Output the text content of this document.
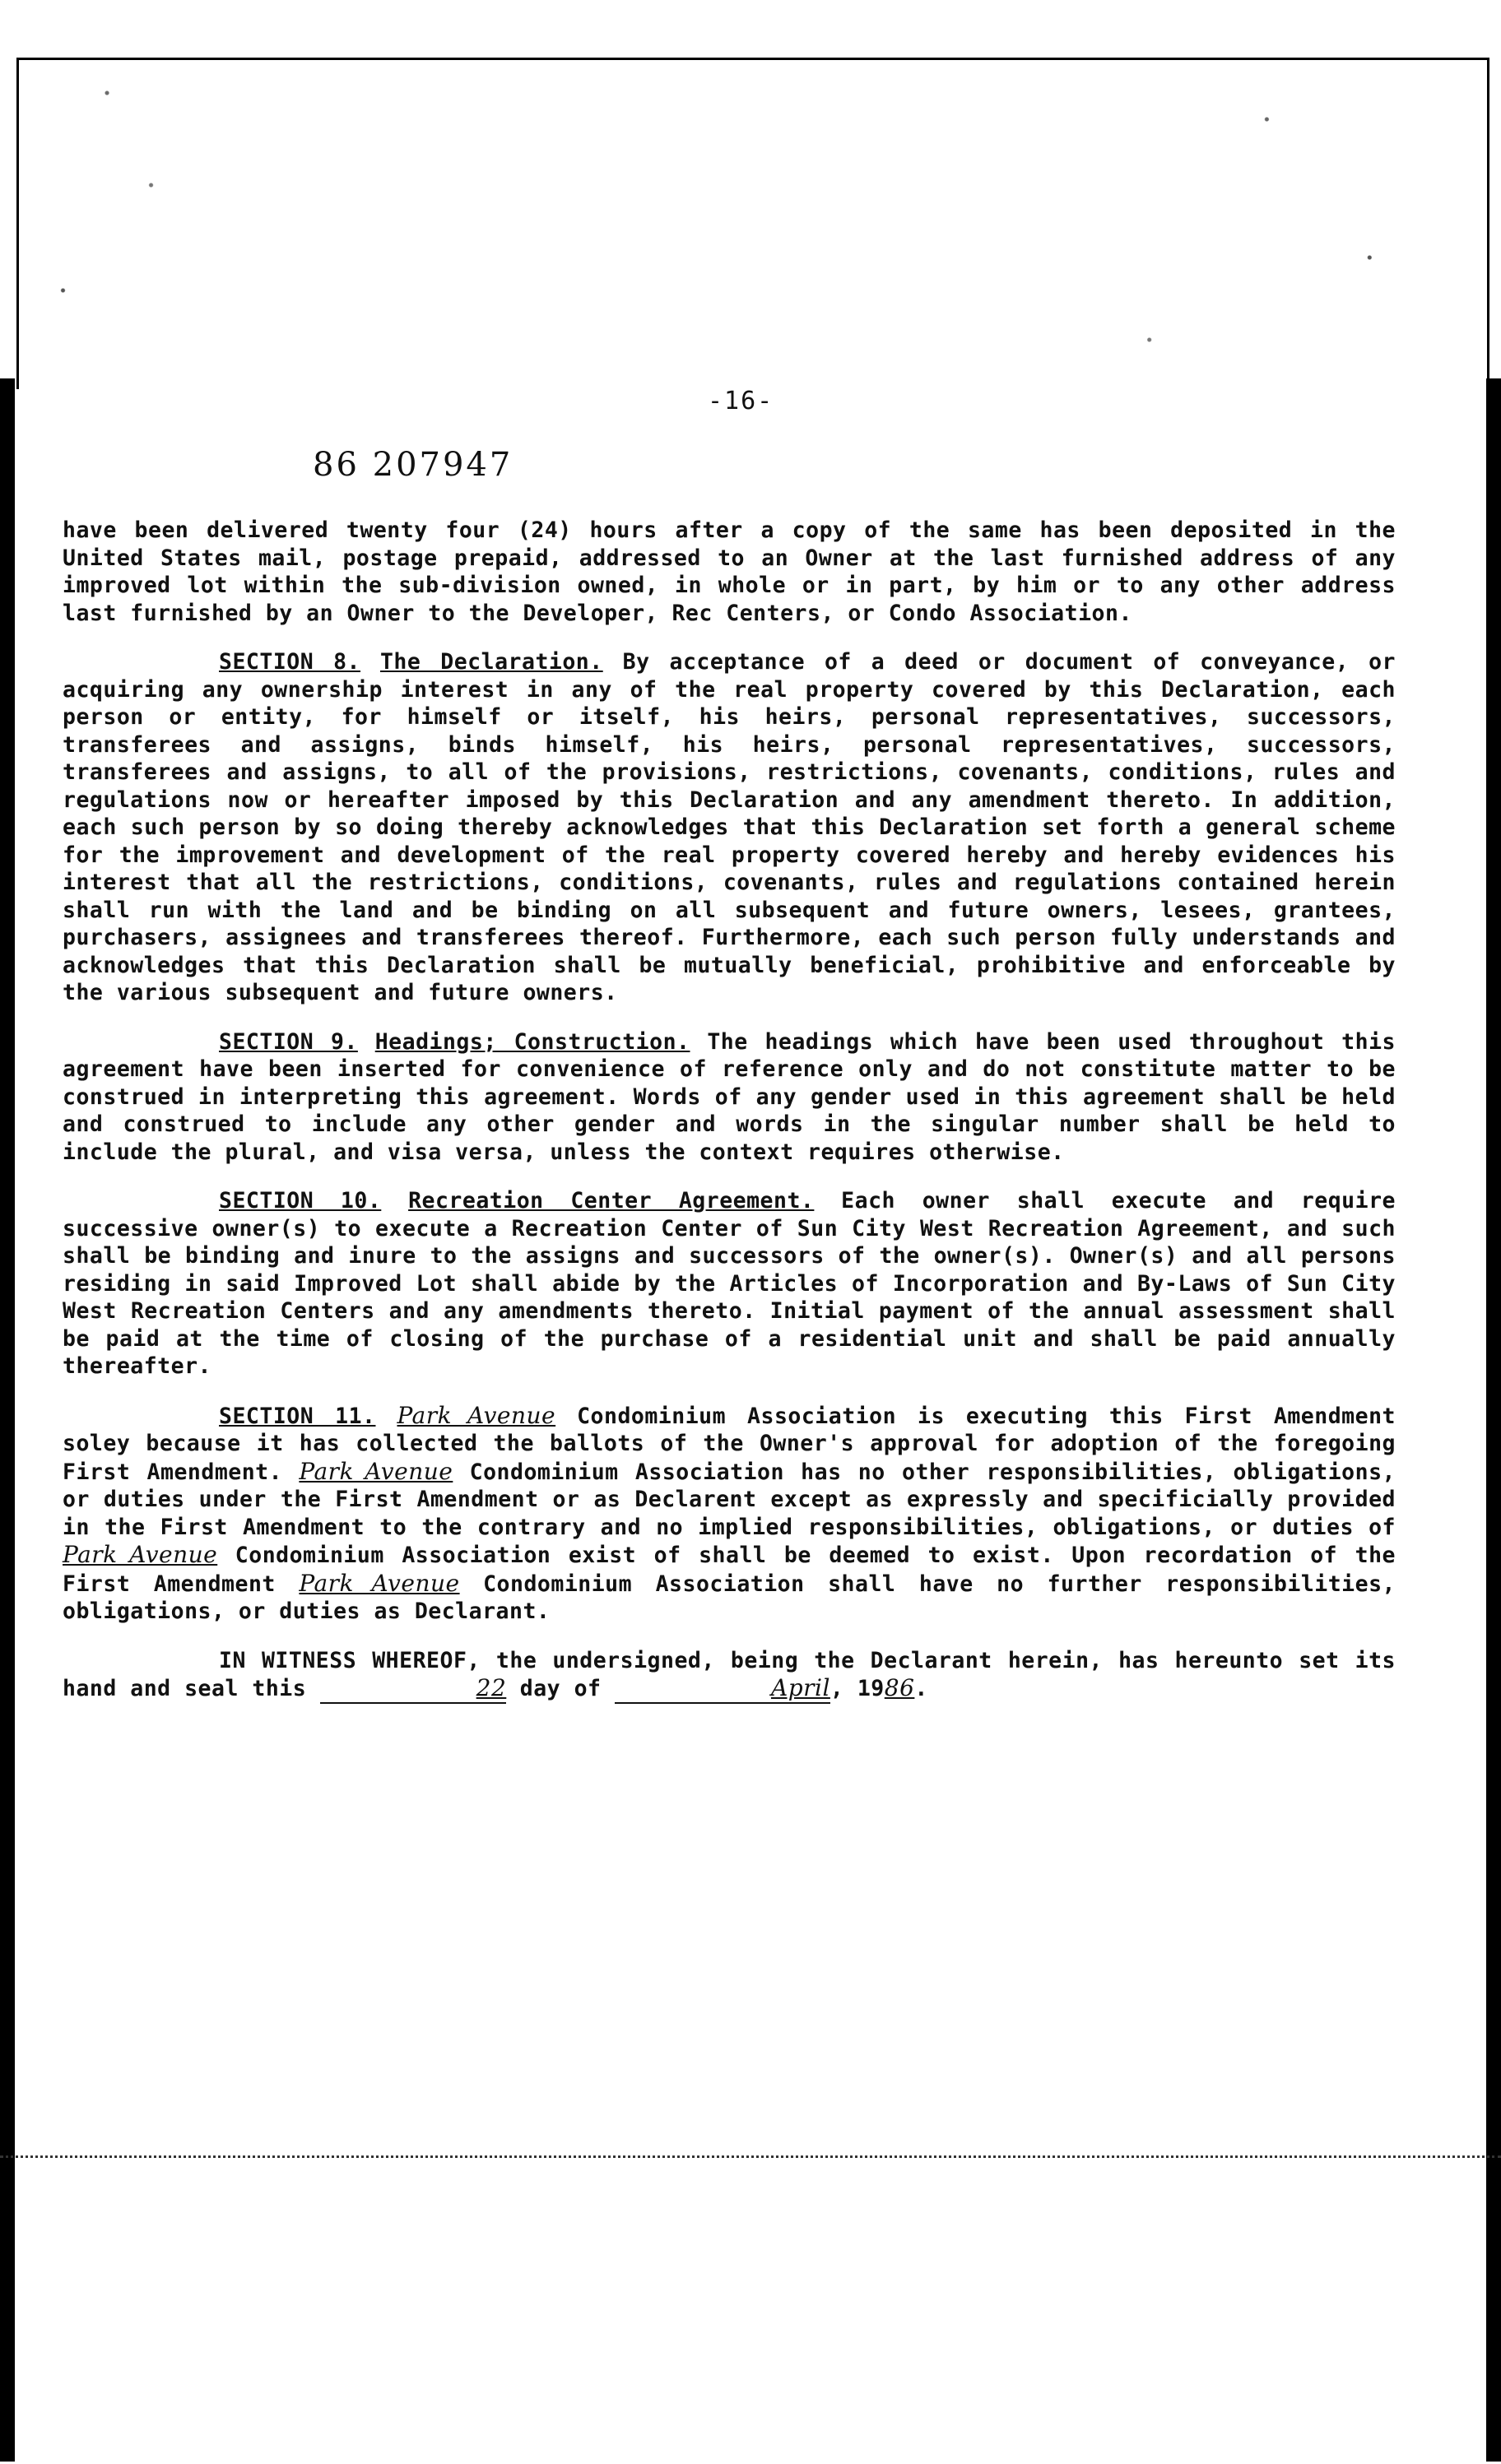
-16-
86 207947

have been delivered twenty four (24) hours after a copy of the same has been deposited in the United States mail, postage prepaid, addressed to an Owner at the last furnished address of any improved lot within the sub-division owned, in whole or in part, by him or to any other address last furnished by an Owner to the Developer, Rec Centers, or Condo Association.

SECTION 8. The Declaration. By acceptance of a deed or document of conveyance, or acquiring any ownership interest in any of the real property covered by this Declaration, each person or entity, for himself or itself, his heirs, personal representatives, successors, transferees and assigns, binds himself, his heirs, personal representatives, successors, transferees and assigns, to all of the provisions, restrictions, covenants, conditions, rules and regulations now or hereafter imposed by this Declaration and any amendment thereto. In addition, each such person by so doing thereby acknowledges that this Declaration set forth a general scheme for the improvement and development of the real property covered hereby and hereby evidences his interest that all the restrictions, conditions, covenants, rules and regulations contained herein shall run with the land and be binding on all subsequent and future owners, lesees, grantees, purchasers, assignees and transferees thereof. Furthermore, each such person fully understands and acknowledges that this Declaration shall be mutually beneficial, prohibitive and enforceable by the various subsequent and future owners.

SECTION 9. Headings; Construction. The headings which have been used throughout this agreement have been inserted for convenience of reference only and do not constitute matter to be construed in interpreting this agreement. Words of any gender used in this agreement shall be held and construed to include any other gender and words in the singular number shall be held to include the plural, and visa versa, unless the context requires otherwise.

SECTION 10. Recreation Center Agreement. Each owner shall execute and require successive owner(s) to execute a Recreation Center of Sun City West Recreation Agreement, and such shall be binding and inure to the assigns and successors of the owner(s). Owner(s) and all persons residing in said Improved Lot shall abide by the Articles of Incorporation and By-Laws of Sun City West Recreation Centers and any amendments thereto. Initial payment of the annual assessment shall be paid at the time of closing of the purchase of a residential unit and shall be paid annually thereafter.

SECTION 11. Park Avenue Condominium Association is executing this First Amendment soley because it has collected the ballots of the Owner's approval for adoption of the foregoing First Amendment. Park Avenue Condominium Association has no other responsibilities, obligations, or duties under the First Amendment or as Declarent except as expressly and specificially provided in the First Amendment to the contrary and no implied responsibilities, obligations, or duties of Park Avenue Condominium Association exist of shall be deemed to exist. Upon recordation of the First Amendment Park Avenue Condominium Association shall have no further responsibilities, obligations, or duties as Declarant.

IN WITNESS WHEREOF, the undersigned, being the Declarant herein, has hereunto set its hand and seal this	22 day of	April, 1986.
